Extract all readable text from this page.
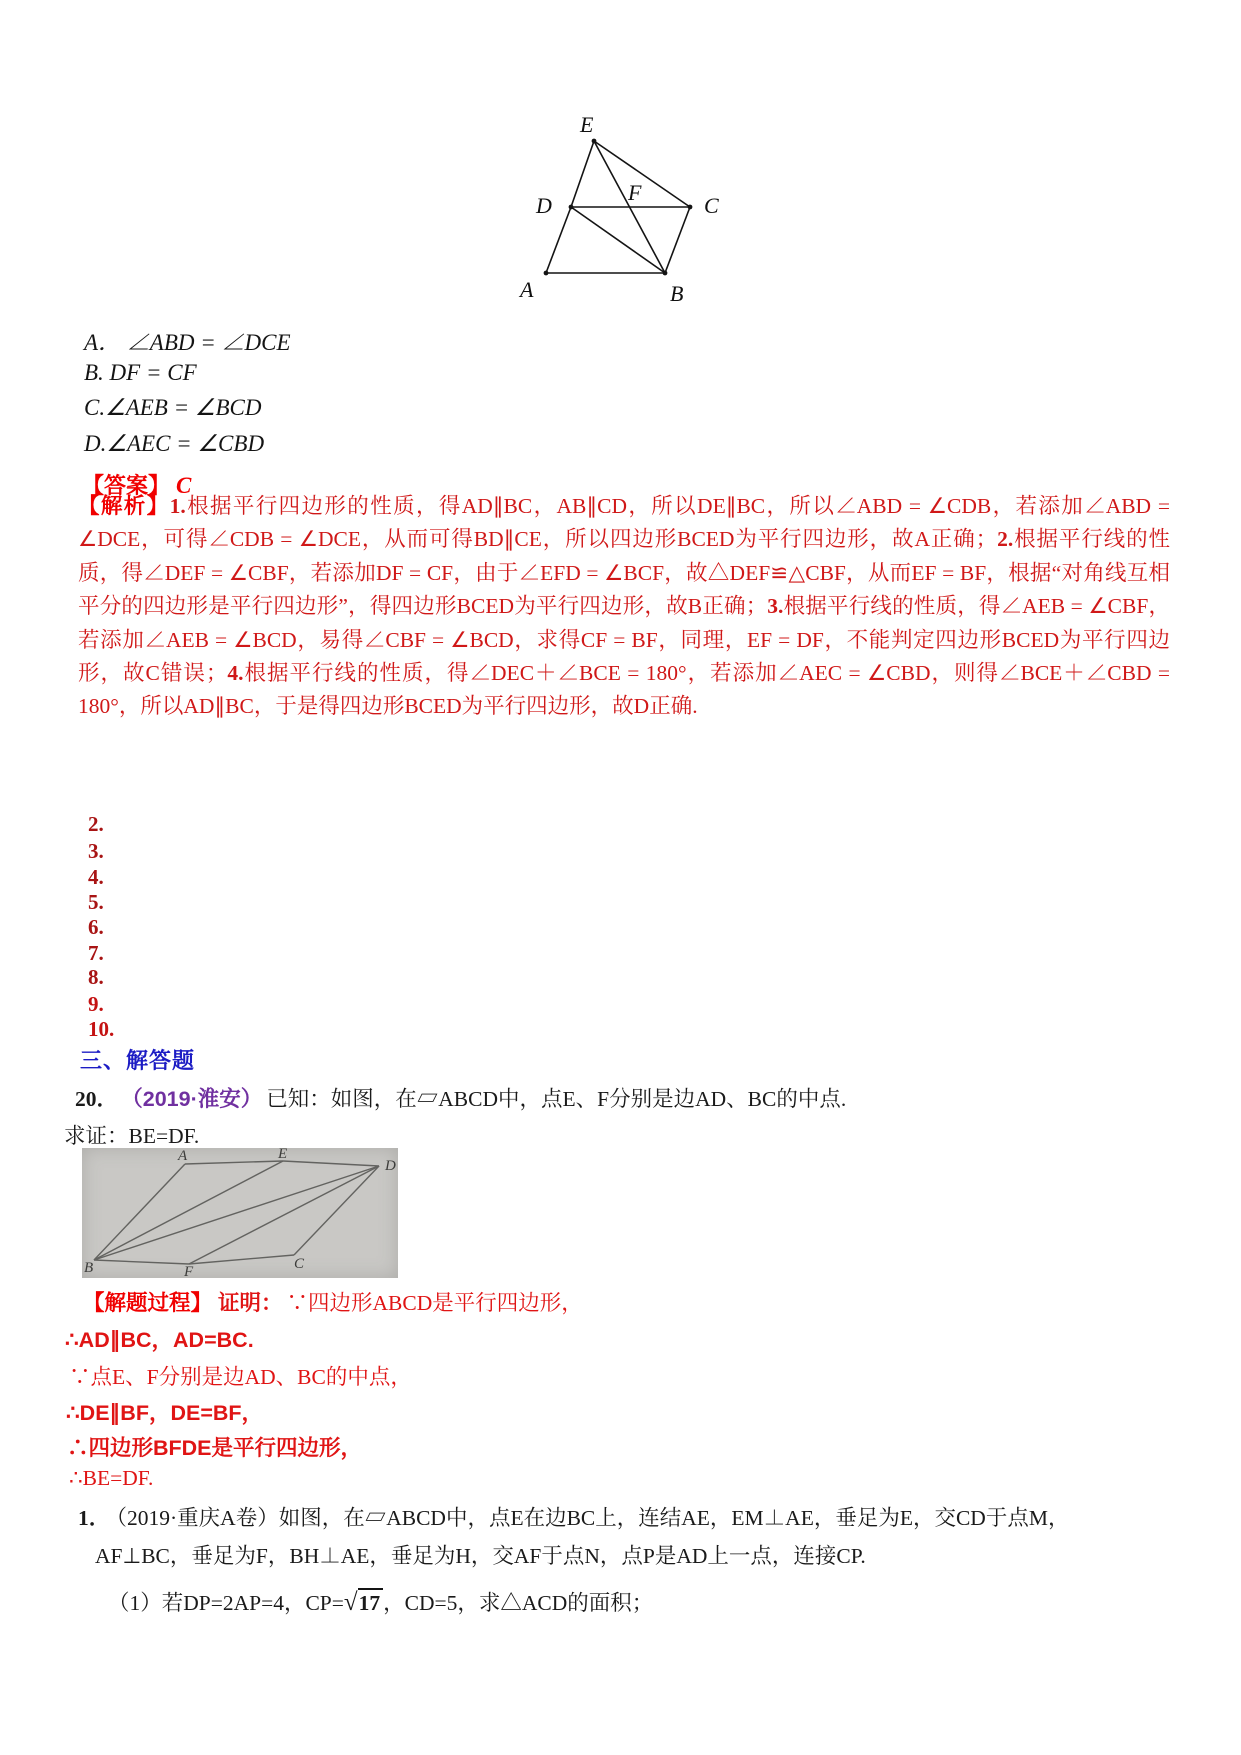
E
D
F
C
A	B
A． ∠ABD = ∠DCE
B. DF = CF
C.∠AEB = ∠BCD
D.∠AEC = ∠CBD
【答案】 C
【解析】1.根据平行四边形的性质，得AD∥BC，AB∥CD，所以DE∥BC，所以∠ABD = ∠CDB，若添加∠ABD = ∠DCE，可得∠CDB = ∠DCE，从而可得BD∥CE，所以四边形BCED为平行四边形，故A正确；2.根据平行线的性质，得∠DEF = ∠CBF，若添加DF = CF，由于∠EFD = ∠BCF，故△DEF≌△CBF，从而EF = BF，根据“对角线互相平分的四边形是平行四边形”，得四边形BCED为平行四边形，故B正确；3.根据平行线的性质，得∠AEB = ∠CBF，若添加∠AEB = ∠BCD，易得∠CBF = ∠BCD，求得CF = BF，同理，EF = DF，不能判定四边形BCED为平行四边形，故C错误；4.根据平行线的性质，得∠DEC＋∠BCE = 180°，若添加∠AEC = ∠CBD，则得∠BCE＋∠CBD = 180°，所以AD∥BC，于是得四边形BCED为平行四边形，故D正确.
2.
3.
4.
5.
6.
7.
8.
9.
10.
三、解答题
20． （2019·淮安） 已知：如图，在▱ABCD中，点E、F分别是边AD、BC的中点.
求证：BE=DF.
A	E
D
B	F	C
【解题过程】 证明： ∵四边形ABCD是平行四边形，
∴AD∥BC，AD=BC.
∵点E、F分别是边AD、BC的中点，
∴DE∥BF，DE=BF，
∴四边形BFDE是平行四边形，
∴BE=DF.
1． （2019·重庆A卷）如图，在▱ABCD中，点E在边BC上，连结AE，EM⊥AE，垂足为E，交CD于点M，
AF⊥BC，垂足为F，BH⊥AE，垂足为H，交AF于点N，点P是AD上一点，连接CP.
（1）若DP=2AP=4，CP=√17 ，CD=5，求△ACD的面积；
